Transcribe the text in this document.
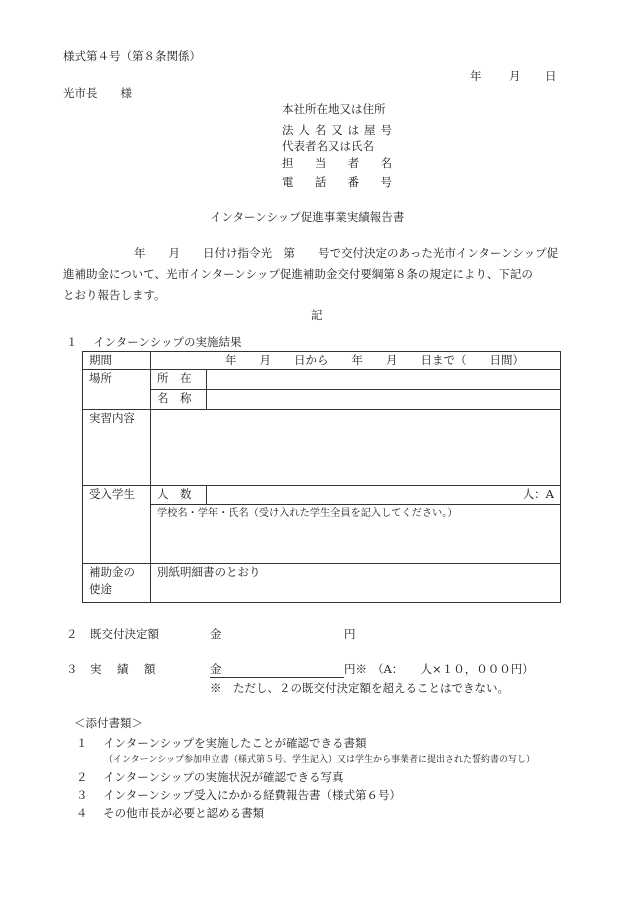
様式第４号（第８条関係）
年 月 日
光市長　　様
本社所在地又は住所
法 人 名 又 は 屋 号
代表者名又は氏名
担 当 者 名
電 話 番 号
インターンシップ促進事業実績報告書
　　年　　月　　日付け指令光　第　　号で交付決定のあった光市インターンシップ促
進補助金について、光市インターンシップ促進補助金交付要綱第８条の規定により、下記の
とおり報告します。
記
１ インターンシップの実施結果
期間	年　　月　　日から　　年　　月　　日まで（　　日間）	
場所	所　在	
	名　称	
実習内容		
受入学生	人　数	人：A
	学校名・学年・氏名（受け入れた学生全員を記入してください。）	

補助金の
使途	別紙明細書のとおり	
２ 既交付決定額	金	円
３ 実　績　額	金	円※ （A：　　人×１０，０００円）
※　ただし、２の既交付決定額を超えることはできない。
＜添付書類＞
１ インターンシップを実施したことが確認できる書類
（インターンシップ参加申立書（様式第５号、学生記入）又は学生から事業者に提出された誓約書の写し）
２ インターンシップの実施状況が確認できる写真
３ インターンシップ受入にかかる経費報告書（様式第６号）
４ その他市長が必要と認める書類
